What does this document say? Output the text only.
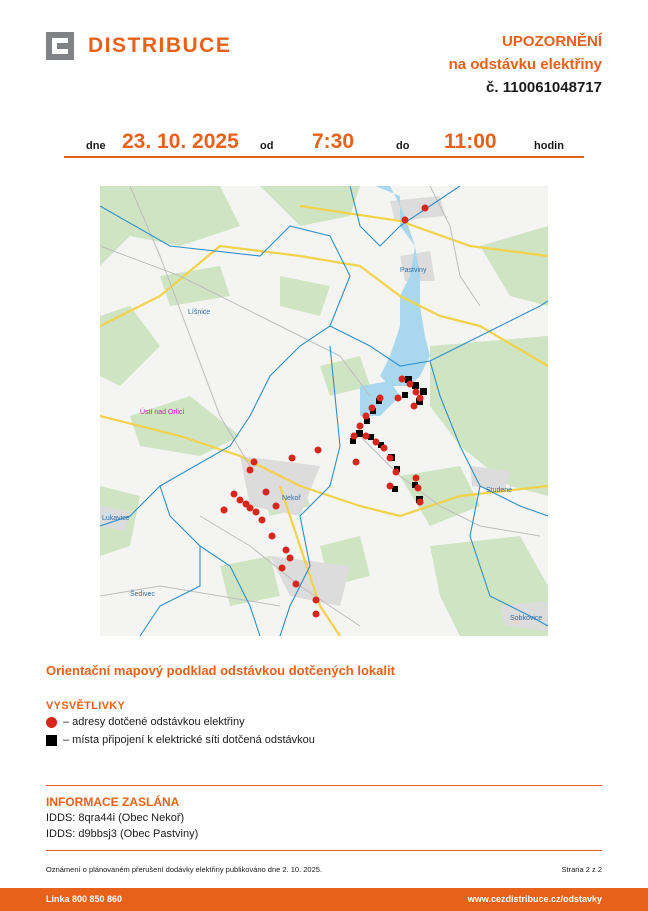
DISTRIBUCE	UPOZORNĚNÍ
na odstávku elektřiny
č. 110061048717
dne 23. 10. 2025 od 7:30	do 11:00	hodin
Pastviny
Líšnice
Ústí nad Orlicí
Nekoř
Studené
Lukavice
Šedivec
Sobkovice
Orientační mapový podklad odstávkou dotčených lokalit
VYSVĚTLIVKY
– adresy dotčené odstávkou elektřiny
– místa připojení k elektrické síti dotčená odstávkou
INFORMACE ZASLÁNA
IDDS: 8qra44i (Obec Nekoř)
IDDS: d9bbsj3 (Obec Pastviny)
Oznámení o plánovaném přerušení dodávky elektřiny publikováno dne 2. 10. 2025.	Strana 2 z 2
Linka 800 850 860	www.cezdistribuce.cz/odstavky
